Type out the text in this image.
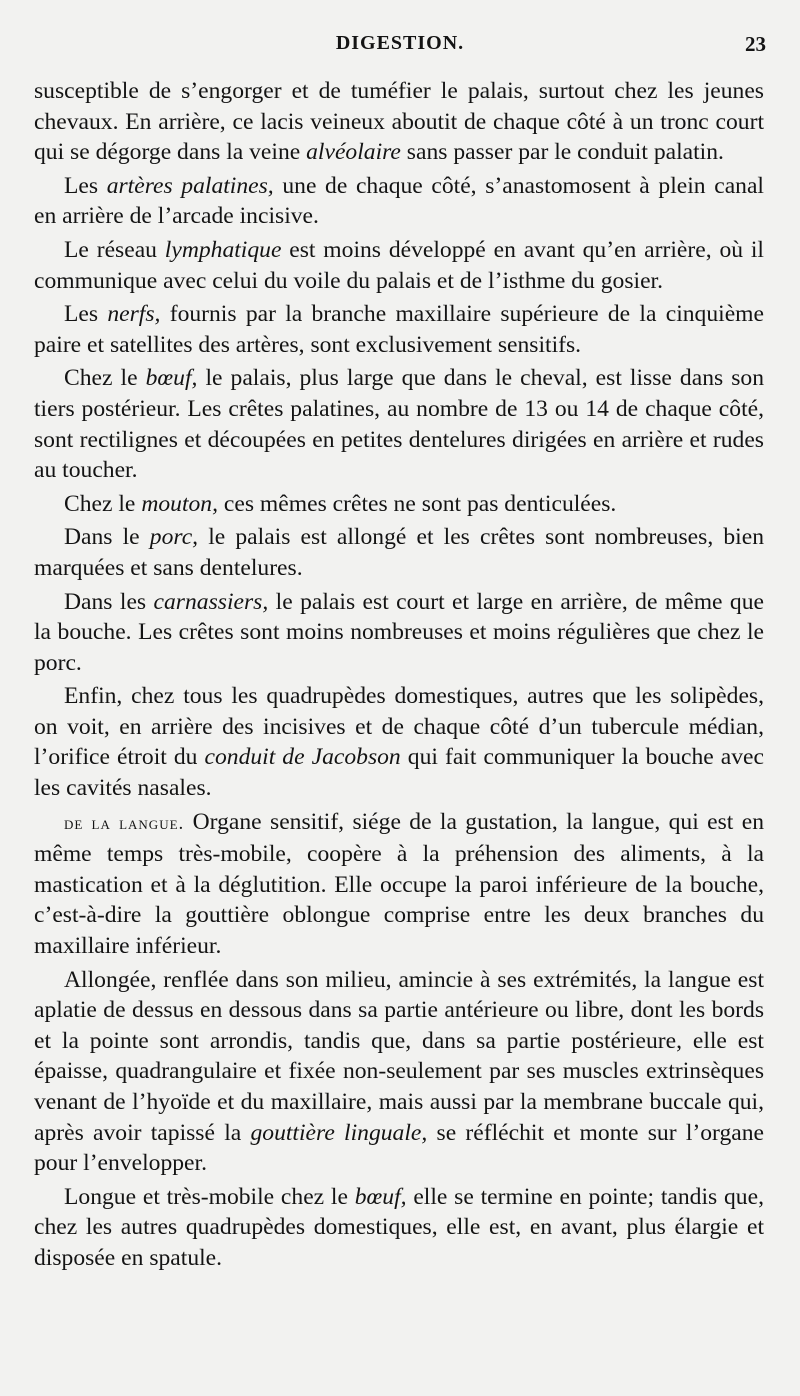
DIGESTION.	23

susceptible de s’engorger et de tuméfier le palais, surtout chez les jeunes chevaux. En arrière, ce lacis veineux aboutit de chaque côté à un tronc court qui se dégorge dans la veine alvéolaire sans passer par le conduit palatin.

Les artères palatines, une de chaque côté, s’anastomosent à plein canal en arrière de l’arcade incisive.

Le réseau lymphatique est moins développé en avant qu’en arrière, où il communique avec celui du voile du palais et de l’isthme du gosier.

Les nerfs, fournis par la branche maxillaire supérieure de la cinquième paire et satellites des artères, sont exclusivement sensitifs.

Chez le bœuf, le palais, plus large que dans le cheval, est lisse dans son tiers postérieur. Les crêtes palatines, au nombre de 13 ou 14 de chaque côté, sont rectilignes et découpées en petites dentelures dirigées en arrière et rudes au toucher.

Chez le mouton, ces mêmes crêtes ne sont pas denticulées.

Dans le porc, le palais est allongé et les crêtes sont nombreuses, bien marquées et sans dentelures.

Dans les carnassiers, le palais est court et large en arrière, de même que la bouche. Les crêtes sont moins nombreuses et moins régulières que chez le porc.

Enfin, chez tous les quadrupèdes domestiques, autres que les solipèdes, on voit, en arrière des incisives et de chaque côté d’un tubercule médian, l’orifice étroit du conduit de Jacobson qui fait communiquer la bouche avec les cavités nasales.

de la langue. Organe sensitif, siége de la gustation, la langue, qui est en même temps très-mobile, coopère à la préhension des aliments, à la mastication et à la déglutition. Elle occupe la paroi inférieure de la bouche, c’est-à-dire la gouttière oblongue comprise entre les deux branches du maxillaire inférieur.

Allongée, renflée dans son milieu, amincie à ses extrémités, la langue est aplatie de dessus en dessous dans sa partie antérieure ou libre, dont les bords et la pointe sont arrondis, tandis que, dans sa partie postérieure, elle est épaisse, quadrangulaire et fixée non-seulement par ses muscles extrinsèques venant de l’hyoïde et du maxillaire, mais aussi par la membrane buccale qui, après avoir tapissé la gouttière linguale, se réfléchit et monte sur l’organe pour l’envelopper.

Longue et très-mobile chez le bœuf, elle se termine en pointe; tandis que, chez les autres quadrupèdes domestiques, elle est, en avant, plus élargie et disposée en spatule.
